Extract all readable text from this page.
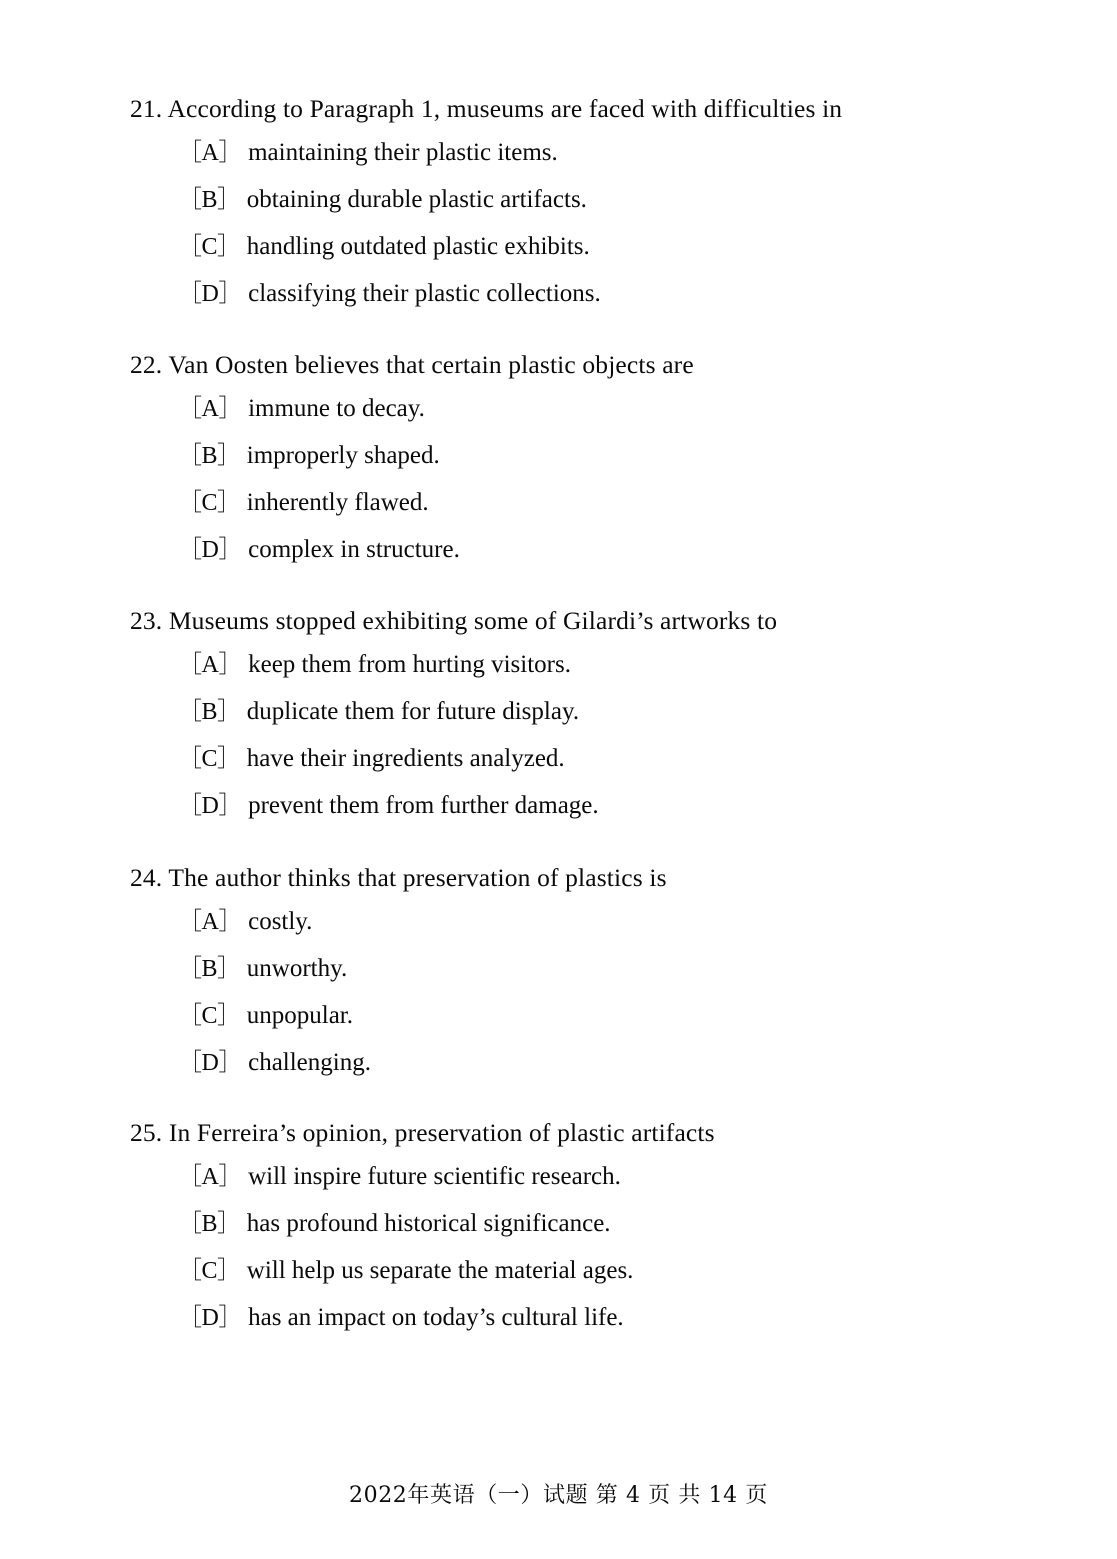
21. According to Paragraph 1, museums are faced with difficulties in

［A］ maintaining their plastic items.
［B］ obtaining durable plastic artifacts.
［C］ handling outdated plastic exhibits.
［D］ classifying their plastic collections.

22. Van Oosten believes that certain plastic objects are

［A］ immune to decay.
［B］ improperly shaped.
［C］ inherently flawed.
［D］ complex in structure.

23. Museums stopped exhibiting some of Gilardi’s artworks to

［A］ keep them from hurting visitors.
［B］ duplicate them for future display.
［C］ have their ingredients analyzed.
［D］ prevent them from further damage.

24. The author thinks that preservation of plastics is

［A］ costly.
［B］ unworthy.
［C］ unpopular.
［D］ challenging.

25. In Ferreira’s opinion, preservation of plastic artifacts

［A］ will inspire future scientific research.
［B］ has profound historical significance.
［C］ will help us separate the material ages.
［D］ has an impact on today’s cultural life.
2022年英语（一）试题 第 4 页 共 14 页
